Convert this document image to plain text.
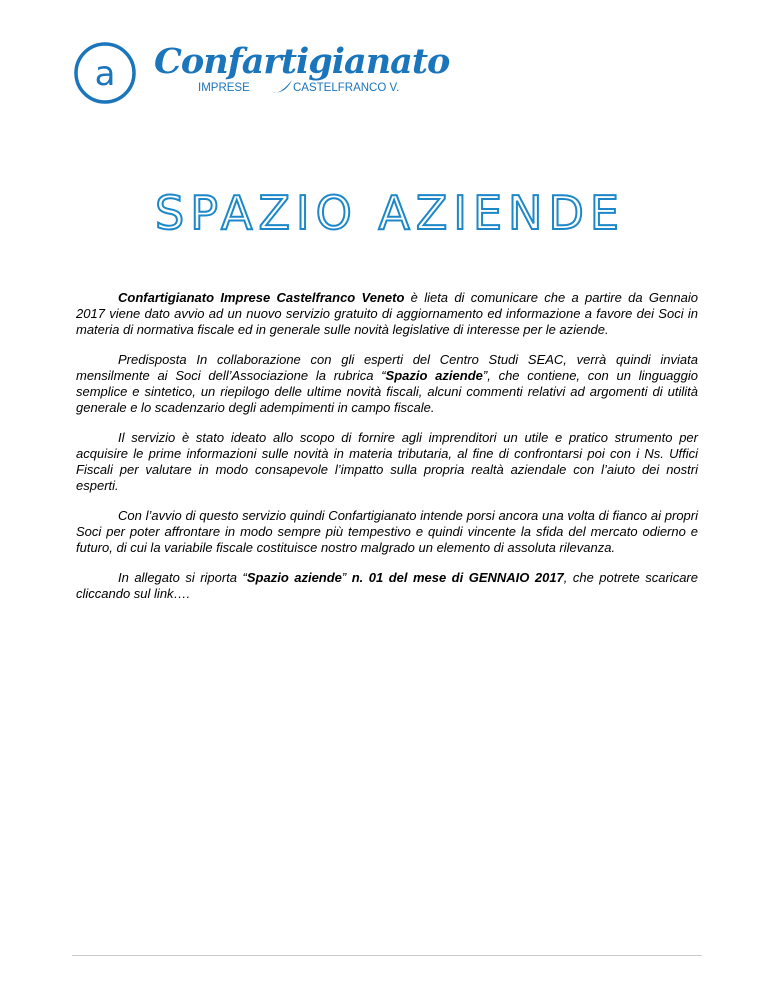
a Confartigianato
IMPRESE	CASTELFRANCO V.
SPAZIO AZIENDE

Confartigianato Imprese Castelfranco Veneto è lieta di comunicare che a partire da Gennaio 2017 viene dato avvio ad un nuovo servizio gratuito di aggiornamento ed informazione a favore dei Soci in materia di normativa fiscale ed in generale sulle novità legislative di interesse per le aziende.

Predisposta In collaborazione con gli esperti del Centro Studi SEAC, verrà quindi inviata mensilmente ai Soci dell’Associazione la rubrica “Spazio aziende”, che contiene, con un linguaggio semplice e sintetico, un riepilogo delle ultime novità fiscali, alcuni commenti relativi ad argomenti di utilità generale e lo scadenzario degli adempimenti in campo fiscale.

Il servizio è stato ideato allo scopo di fornire agli imprenditori un utile e pratico strumento per acquisire le prime informazioni sulle novità in materia tributaria, al fine di confrontarsi poi con i Ns. Uffici Fiscali per valutare in modo consapevole l’impatto sulla propria realtà aziendale con l’aiuto dei nostri esperti.

Con l’avvio di questo servizio quindi Confartigianato intende porsi ancora una volta di fianco ai propri Soci per poter affrontare in modo sempre più tempestivo e quindi vincente la sfida del mercato odierno e futuro, di cui la variabile fiscale costituisce nostro malgrado un elemento di assoluta rilevanza.

In allegato si riporta “Spazio aziende” n. 01 del mese di GENNAIO 2017, che potrete scaricare cliccando sul link….
